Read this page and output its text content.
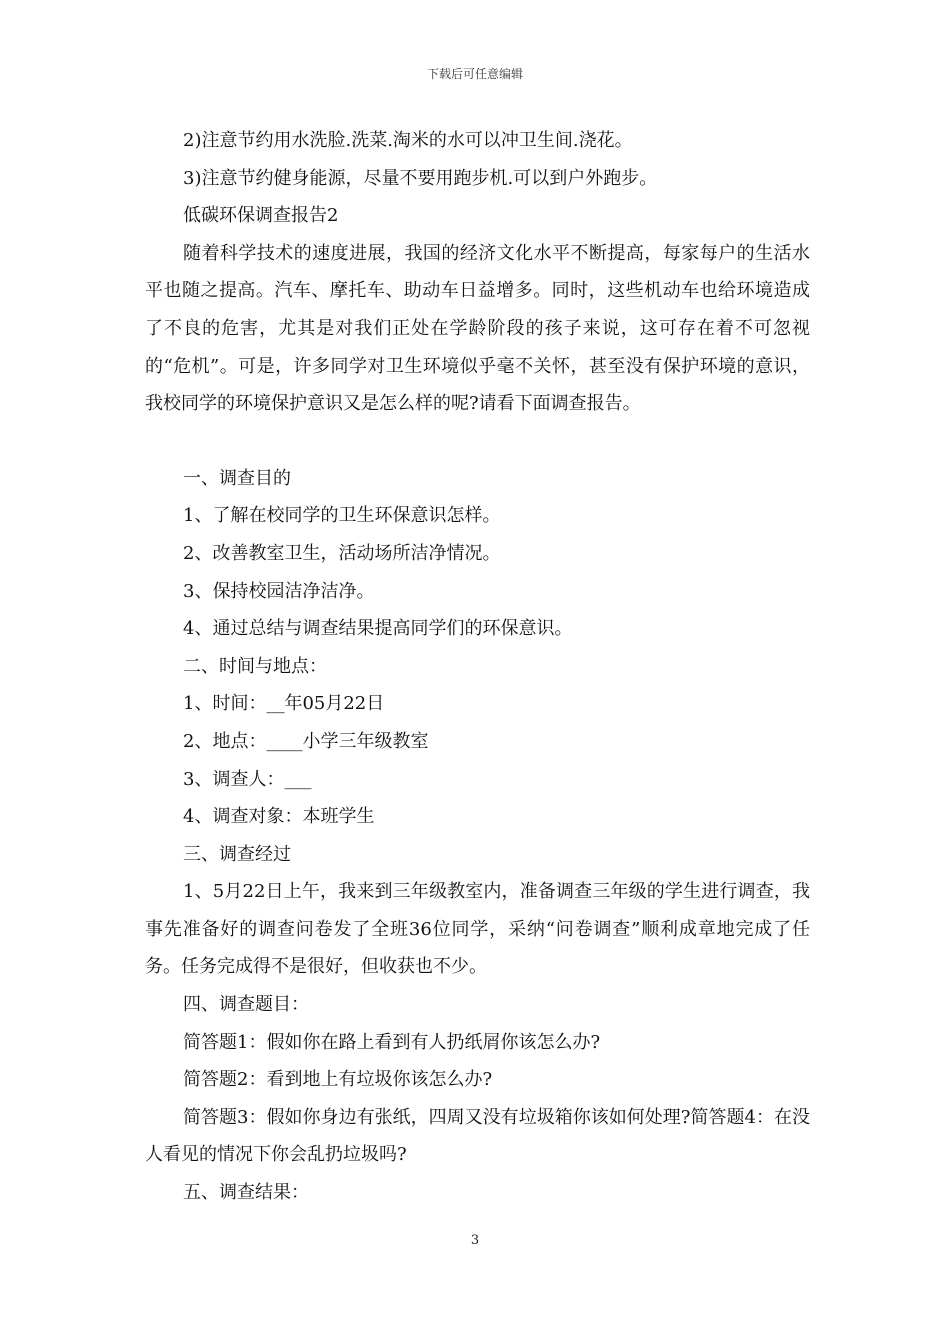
下载后可任意编辑

2)注意节约用水洗脸.洗菜.淘米的水可以冲卫生间.浇花。

3)注意节约健身能源，尽量不要用跑步机.可以到户外跑步。

低碳环保调查报告2

随着科学技术的速度进展，我国的经济文化水平不断提高，每家每户的生活水平也随之提高。汽车、摩托车、助动车日益增多。同时，这些机动车也给环境造成了不良的危害，尤其是对我们正处在学龄阶段的孩子来说，这可存在着不可忽视的“危机”。可是，许多同学对卫生环境似乎毫不关怀，甚至没有保护环境的意识，我校同学的环境保护意识又是怎么样的呢?请看下面调查报告。

一、调查目的

1、了解在校同学的卫生环保意识怎样。

2、改善教室卫生，活动场所洁净情况。

3、保持校园洁净洁净。

4、通过总结与调查结果提高同学们的环保意识。

二、时间与地点：

1、时间：__年05月22日

2、地点：____小学三年级教室

3、调查人：___

4、调查对象：本班学生

三、调查经过

1、5月22日上午，我来到三年级教室内，准备调查三年级的学生进行调查，我事先准备好的调查问卷发了全班36位同学，采纳“问卷调查”顺利成章地完成了任务。任务完成得不是很好，但收获也不少。

四、调查题目：

简答题1：假如你在路上看到有人扔纸屑你该怎么办?

简答题2：看到地上有垃圾你该怎么办?

简答题3：假如你身边有张纸，四周又没有垃圾箱你该如何处理?简答题4：在没人看见的情况下你会乱扔垃圾吗?

五、调查结果：

3
